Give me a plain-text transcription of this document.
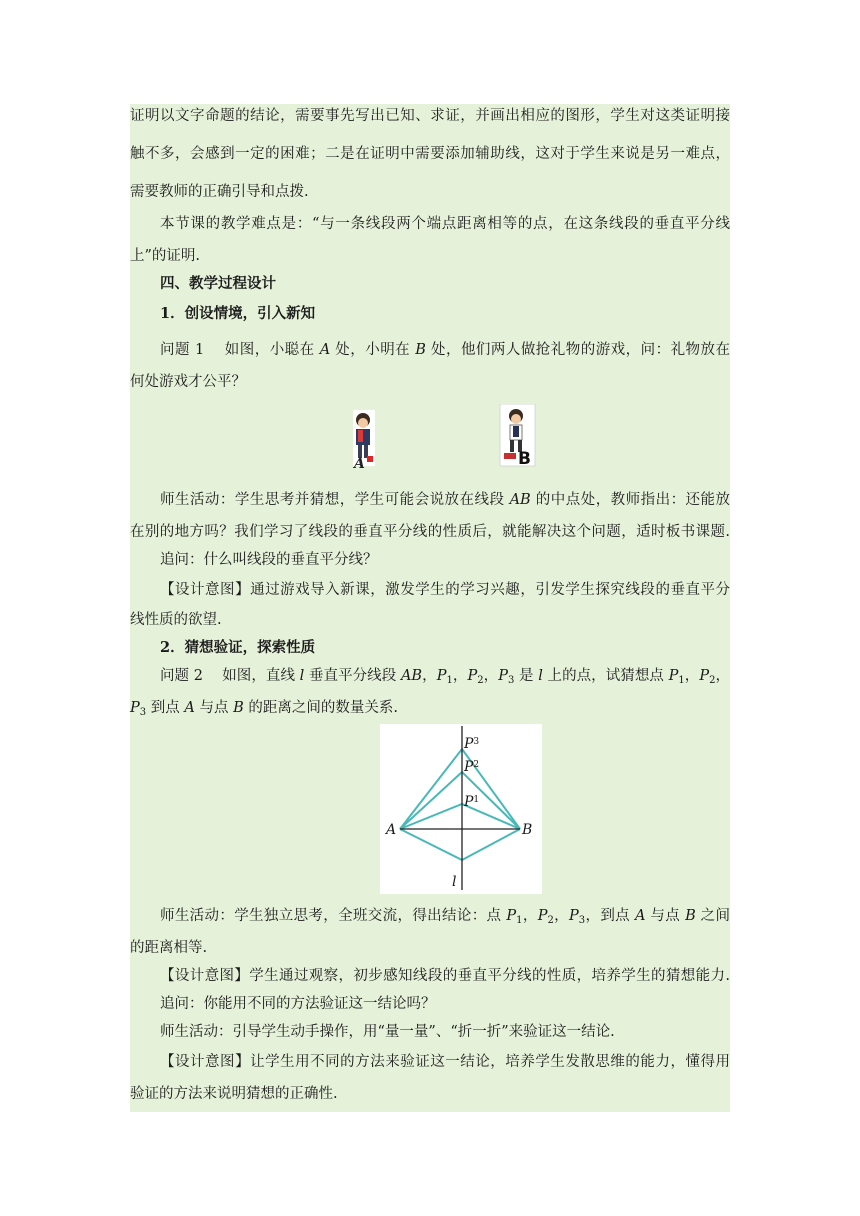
证明以文字命题的结论，需要事先写出已知、求证，并画出相应的图形，学生对这类证明接
触不多，会感到一定的困难；二是在证明中需要添加辅助线，这对于学生来说是另一难点，
需要教师的正确引导和点拨.
本节课的教学难点是：“与一条线段两个端点距离相等的点，在这条线段的垂直平分线
上”的证明.
四、教学过程设计
1．创设情境，引入新知
问题 1　 如图，小聪在 A 处，小明在 B 处，他们两人做抢礼物的游戏，问：礼物放在
何处游戏才公平？
A	B
师生活动：学生思考并猜想，学生可能会说放在线段 AB 的中点处，教师指出：还能放
在别的地方吗？我们学习了线段的垂直平分线的性质后，就能解决这个问题，适时板书课题.
追问：什么叫线段的垂直平分线？
【设计意图】通过游戏导入新课，激发学生的学习兴趣，引发学生探究线段的垂直平分
线性质的欲望.
2．猜想验证，探索性质
问题 2　 如图，直线 l 垂直平分线段 AB，$P_1$，$P_2$，$P_3$ 是 l 上的点，试猜想点 $P_1$，$P_2$，
$P_3$ 到点 A 与点 B 的距离之间的数量关系.
A	B
$P^3$
$P^2$
$P^1$
l
师生活动：学生独立思考，全班交流，得出结论：点 $P_1$，$P_2$，$P_3$，到点 A 与点 B 之间
的距离相等.
【设计意图】学生通过观察，初步感知线段的垂直平分线的性质，培养学生的猜想能力.
追问：你能用不同的方法验证这一结论吗？
师生活动：引导学生动手操作，用“量一量”、“折一折”来验证这一结论.
【设计意图】让学生用不同的方法来验证这一结论，培养学生发散思维的能力，懂得用
验证的方法来说明猜想的正确性.
